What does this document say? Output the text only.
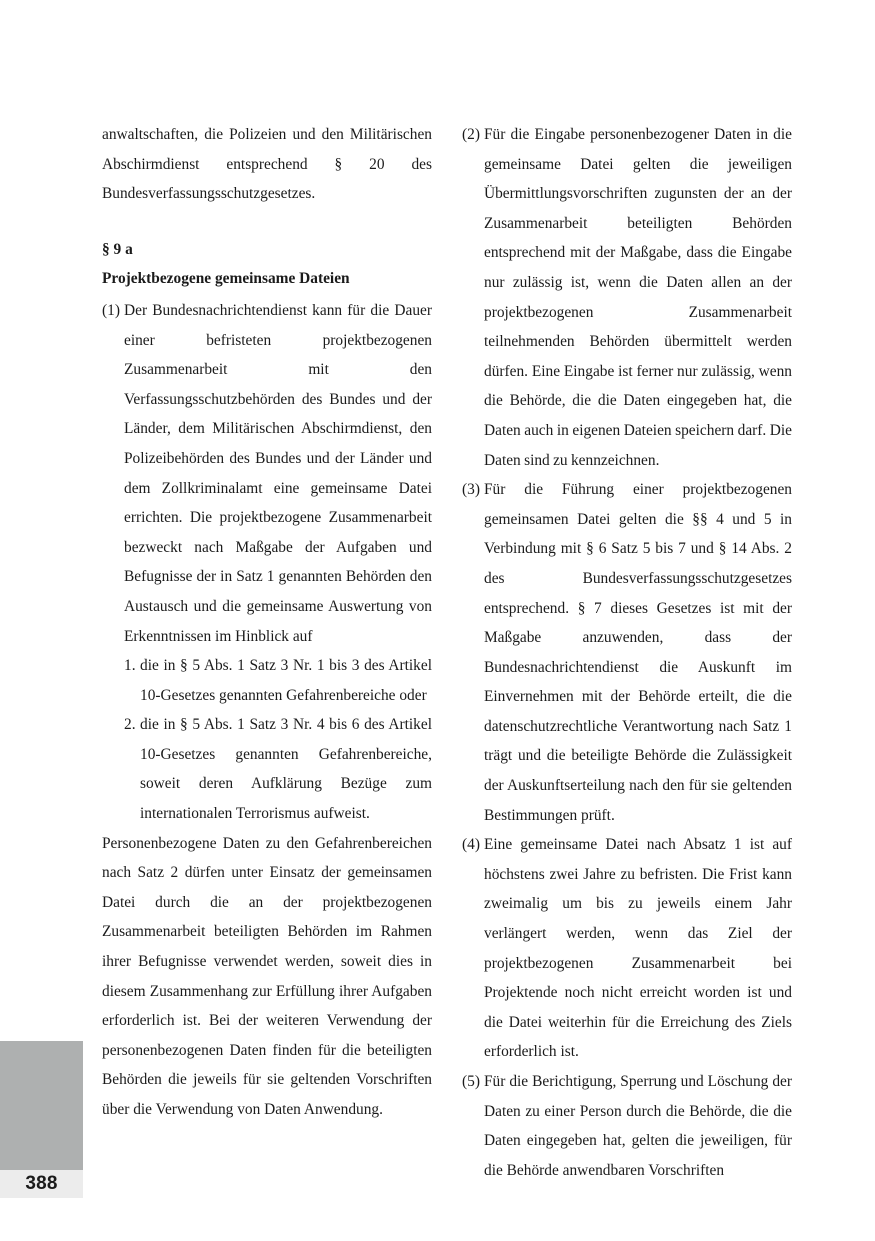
388

anwaltschaften, die Polizeien und den Militärischen Abschirmdienst entsprechend § 20 des Bundesverfassungsschutzgesetzes.

§ 9 a

Projektbezogene gemeinsame Dateien

(1) Der Bundesnachrichtendienst kann für die Dauer einer befristeten projektbezogenen Zusammenarbeit mit den Verfassungsschutzbehörden des Bundes und der Länder, dem Militärischen Abschirmdienst, den Polizeibehörden des Bundes und der Länder und dem Zollkriminalamt eine gemeinsame Datei errichten. Die projektbezogene Zusammenarbeit bezweckt nach Maßgabe der Aufgaben und Befugnisse der in Satz 1 genannten Behörden den Austausch und die gemeinsame Auswertung von Erkenntnissen im Hinblick auf
1. die in § 5 Abs. 1 Satz 3 Nr. 1 bis 3 des Artikel 10-Gesetzes genannten Gefahrenbereiche oder
2. die in § 5 Abs. 1 Satz 3 Nr. 4 bis 6 des Artikel 10-Gesetzes genannten Gefahrenbereiche, soweit deren Aufklärung Bezüge zum internationalen Terrorismus aufweist.

Personenbezogene Daten zu den Gefahrenbereichen nach Satz 2 dürfen unter Einsatz der gemeinsamen Datei durch die an der projektbezogenen Zusammenarbeit beteiligten Behörden im Rahmen ihrer Befugnisse verwendet werden, soweit dies in diesem Zusammenhang zur Erfüllung ihrer Aufgaben erforderlich ist. Bei der weiteren Verwendung der personenbezogenen Daten finden für die beteiligten Behörden die jeweils für sie geltenden Vorschriften über die Verwendung von Daten Anwendung.

(2) Für die Eingabe personenbezogener Daten in die gemeinsame Datei gelten die jeweiligen Übermittlungsvorschriften zugunsten der an der Zusammenarbeit beteiligten Behörden entsprechend mit der Maßgabe, dass die Eingabe nur zulässig ist, wenn die Daten allen an der projektbezogenen Zusammenarbeit teilnehmenden Behörden übermittelt werden dürfen. Eine Eingabe ist ferner nur zulässig, wenn die Behörde, die die Daten eingegeben hat, die Daten auch in eigenen Dateien speichern darf. Die Daten sind zu kennzeichnen.
(3) Für die Führung einer projektbezogenen gemeinsamen Datei gelten die §§ 4 und 5 in Verbindung mit § 6 Satz 5 bis 7 und § 14 Abs. 2 des Bundesverfassungsschutzgesetzes entsprechend. § 7 dieses Gesetzes ist mit der Maßgabe anzuwenden, dass der Bundesnachrichtendienst die Auskunft im Einvernehmen mit der Behörde erteilt, die die datenschutzrechtliche Verantwortung nach Satz 1 trägt und die beteiligte Behörde die Zulässigkeit der Auskunftserteilung nach den für sie geltenden Bestimmungen prüft.
(4) Eine gemeinsame Datei nach Absatz 1 ist auf höchstens zwei Jahre zu befristen. Die Frist kann zweimalig um bis zu jeweils einem Jahr verlängert werden, wenn das Ziel der projektbezogenen Zusammenarbeit bei Projektende noch nicht erreicht worden ist und die Datei weiterhin für die Erreichung des Ziels erforderlich ist.
(5) Für die Berichtigung, Sperrung und Löschung der Daten zu einer Person durch die Behörde, die die Daten eingegeben hat, gelten die jeweiligen, für die Behörde anwendbaren Vorschriften
